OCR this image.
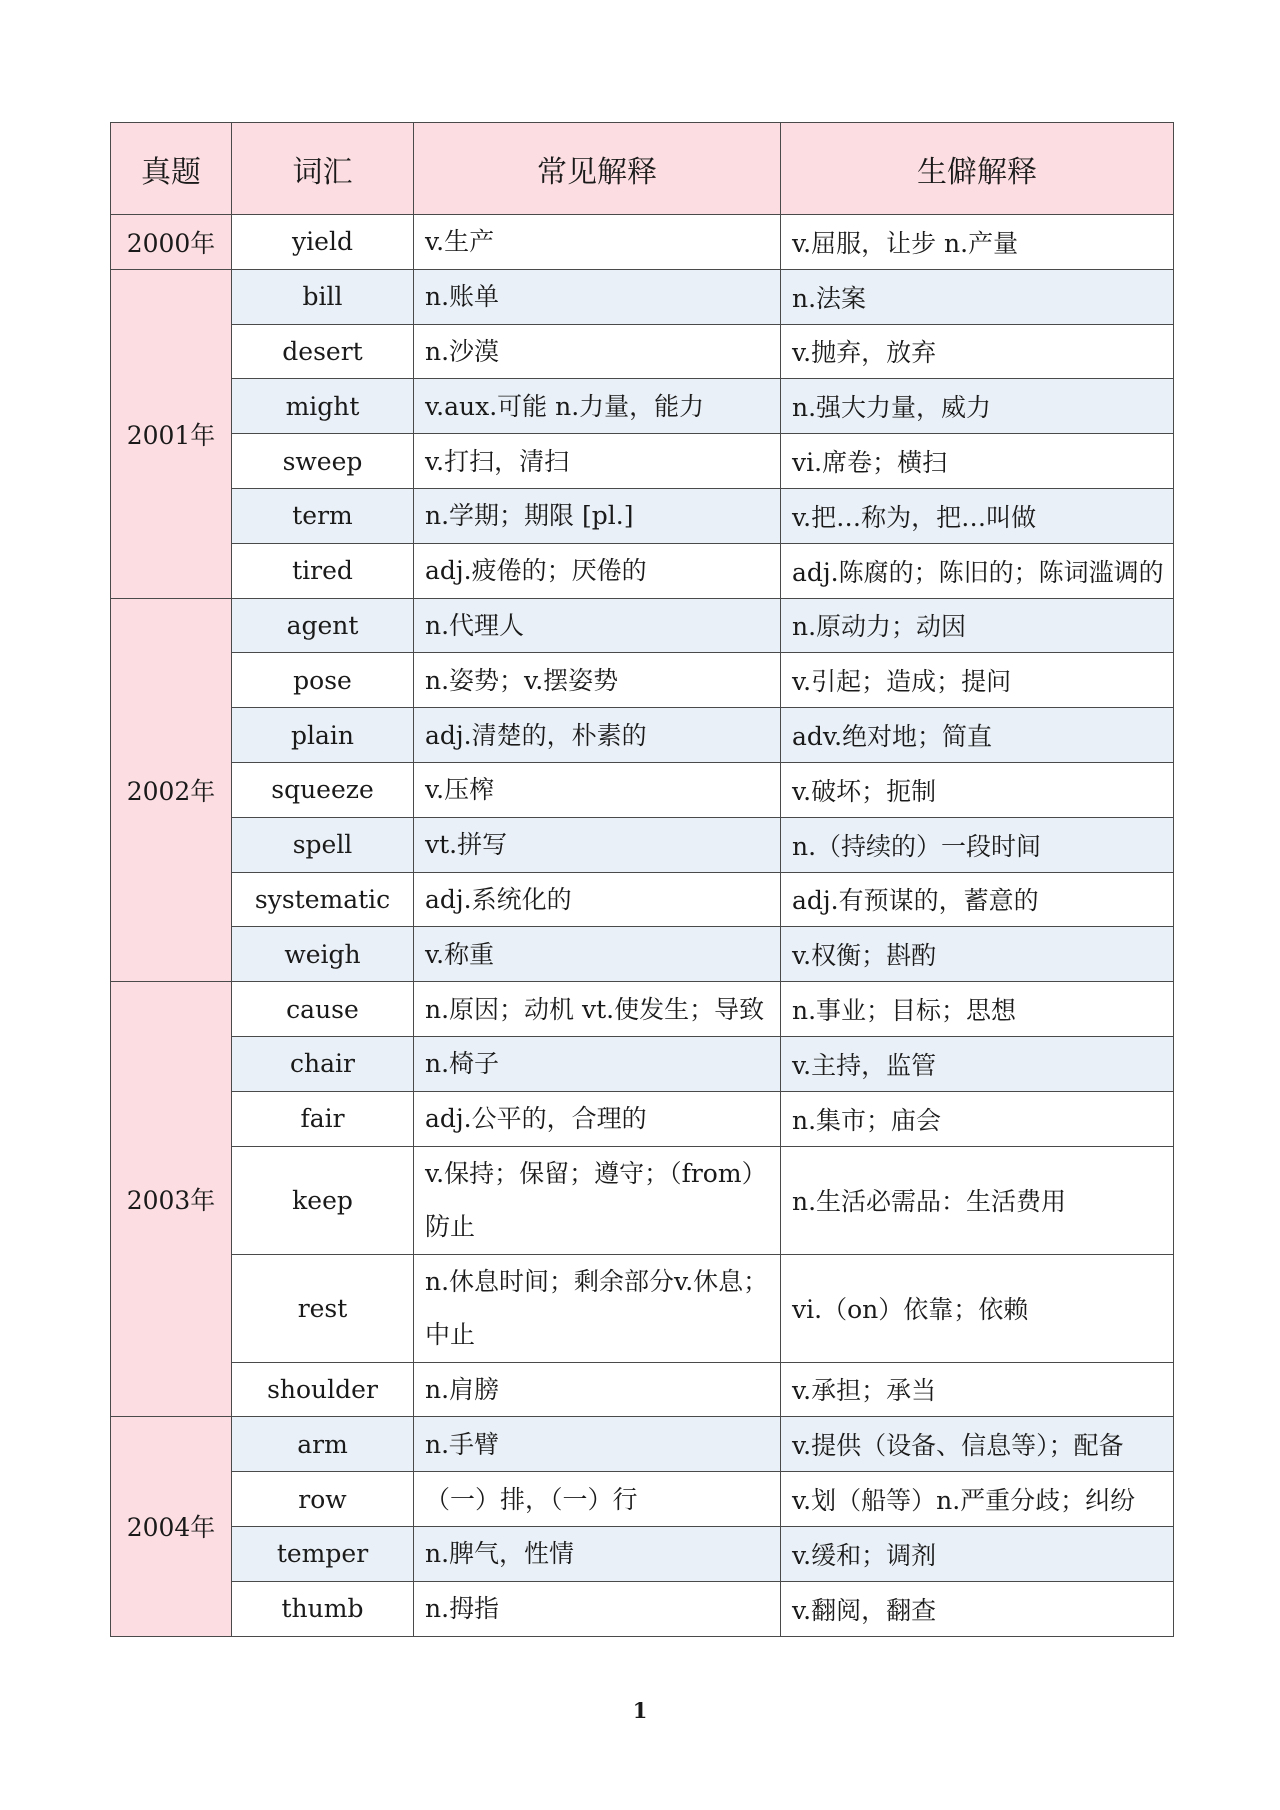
真题	词汇	常见解释	生僻解释
2000年	yield	v.生产	v.屈服，让步 n.产量
2001年	bill	n.账单	n.法案
	desert	n.沙漠	v.抛弃，放弃
	might	v.aux.可能 n.力量，能力	n.强大力量，威力
	sweep	v.打扫，清扫	vi.席卷；横扫
	term	n.学期；期限 [pl.]	v.把…称为，把…叫做
	tired	adj.疲倦的；厌倦的	adj.陈腐的；陈旧的；陈词滥调的
2002年	agent	n.代理人	n.原动力；动因
	pose	n.姿势；v.摆姿势	v.引起；造成；提问
	plain	adj.清楚的，朴素的	adv.绝对地；简直
	squeeze	v.压榨	v.破坏；扼制
	spell	vt.拼写	n.（持续的）一段时间
	systematic	adj.系统化的	adj.有预谋的，蓄意的
	weigh	v.称重	v.权衡；斟酌
2003年	cause	n.原因；动机 vt.使发生；导致	n.事业；目标；思想
	chair	n.椅子	v.主持，监管
	fair	adj.公平的，合理的	n.集市；庙会
	keep	v.保持；保留；遵守；（from）防止	n.生活必需品：生活费用
	rest	n.休息时间；剩余部分v.休息；中止	vi.（on）依靠；依赖
	shoulder	n.肩膀	v.承担；承当
2004年	arm	n.手臂	v.提供（设备、信息等）；配备
	row	（一）排，（一）行	v.划（船等）n.严重分歧；纠纷
	temper	n.脾气，性情	v.缓和；调剂
	thumb	n.拇指	v.翻阅，翻查
1
